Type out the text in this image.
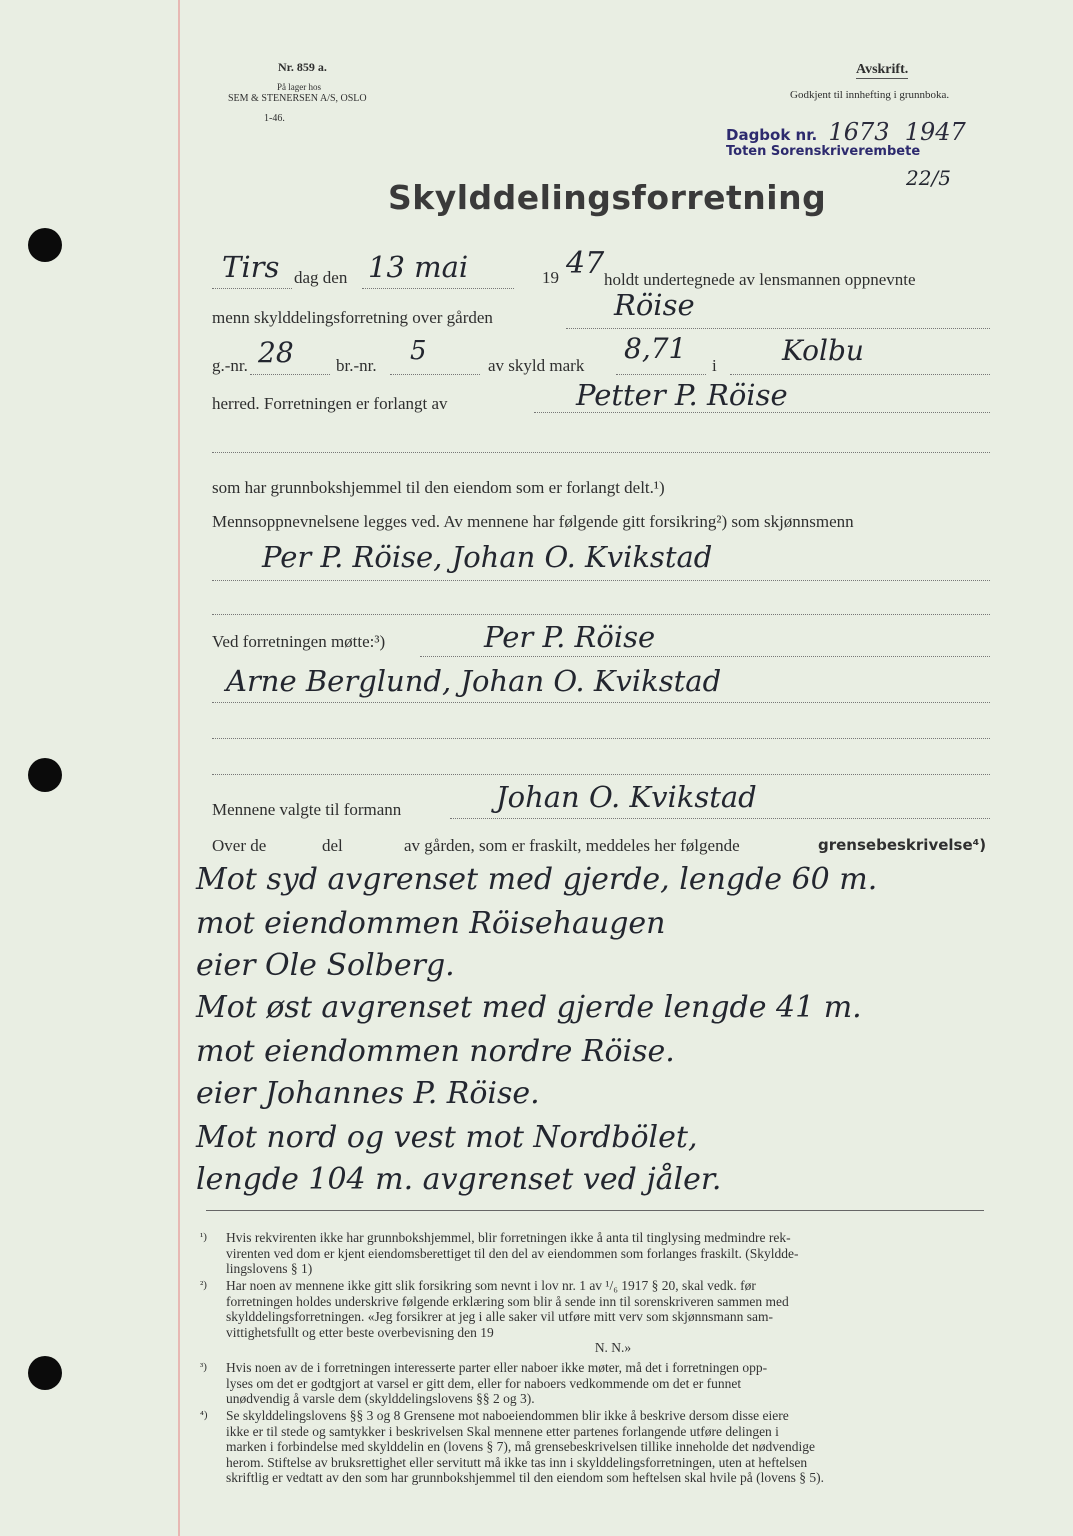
Nr. 859 a.
På lager hos
SEM & STENERSEN A/S, OSLO
1-46.
Avskrift.
Godkjent til innhefting i grunnboka.
Dagbok nr. 1673 1947
Toten Sorenskriverembete
22/5
Skylddelingsforretning
Tirs dag den 13 mai	19 47 holdt undertegnede av lensmannen oppnevnte
menn skylddelingsforretning over gården	Röise
g.-nr. 28 br.-nr. 5	av skyld mark
8,71
i Kolbu
herred. Forretningen er forlangt av	Petter P. Röise
som har grunnbokshjemmel til den eiendom som er forlangt delt.¹)
Mennsoppnevnelsene legges ved. Av mennene har følgende gitt forsikring²) som skjønnsmenn
Per P. Röise, Johan O. Kvikstad
Ved forretningen møtte:³)	Per P. Röise
Arne Berglund, Johan O. Kvikstad
Mennene valgte til formann	Johan O. Kvikstad
Over de	del	av gården, som er fraskilt, meddeles her følgende	grensebeskrivelse⁴)
Mot syd avgrenset med gjerde, lengde 60 m.
mot eiendommen Röisehaugen
eier Ole Solberg.
Mot øst avgrenset med gjerde lengde 41 m.
mot eiendommen nordre Röise.
eier Johannes P. Röise.
Mot nord og vest mot Nordbölet,
lengde 104 m. avgrenset ved jåler.
¹) Hvis rekvirenten ikke har grunnbokshjemmel, blir forretningen ikke å anta til tinglysing medmindre rek-
virenten ved dom er kjent eiendomsberettiget til den del av eiendommen som forlanges fraskilt. (Skyldde-
lingslovens § 1)
²) Har noen av mennene ikke gitt slik forsikring som nevnt i lov nr. 1 av ¹/₆ 1917 § 20, skal vedk. før
forretningen holdes underskrive følgende erklæring som blir å sende inn til sorenskriveren sammen med
skylddelingsforretningen. «Jeg forsikrer at jeg i alle saker vil utføre mitt verv som skjønnsmann sam-
vittighetsfullt og etter beste overbevisning den 19
N. N.»
³) Hvis noen av de i forretningen interesserte parter eller naboer ikke møter, må det i forretningen opp-
lyses om det er godtgjort at varsel er gitt dem, eller for naboers vedkommende om det er funnet
unødvendig å varsle dem (skylddelingslovens §§ 2 og 3).
⁴) Se skylddelingslovens §§ 3 og 8 Grensene mot naboeiendommen blir ikke å beskrive dersom disse eiere
ikke er til stede og samtykker i beskrivelsen Skal mennene etter partenes forlangende utføre delingen i
marken i forbindelse med skylddelin en (lovens § 7), må grensebeskrivelsen tillike inneholde det nødvendige
herom. Stiftelse av bruksrettighet eller servitutt må ikke tas inn i skylddelingsforretningen, uten at heftelsen
skriftlig er vedtatt av den som har grunnbokshjemmel til den eiendom som heftelsen skal hvile på (lovens § 5).
